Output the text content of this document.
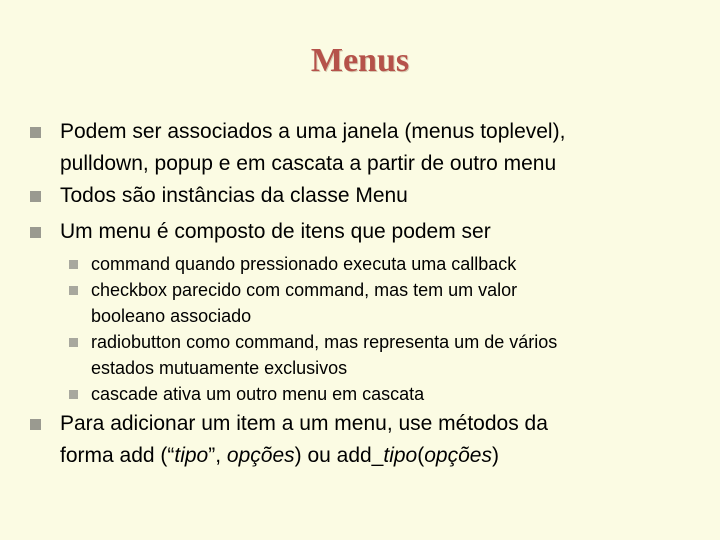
Menus
Podem ser associados a uma janela (menus toplevel),
pulldown, popup e em cascata a partir de outro menu
Todos são instâncias da classe Menu
Um menu é composto de itens que podem ser
command quando pressionado executa uma callback
checkbox parecido com command, mas tem um valor
booleano associado
radiobutton como command, mas representa um de vários
estados mutuamente exclusivos
cascade ativa um outro menu em cascata
Para adicionar um item a um menu, use métodos da
forma add (“tipo”, opções) ou add_tipo(opções)
